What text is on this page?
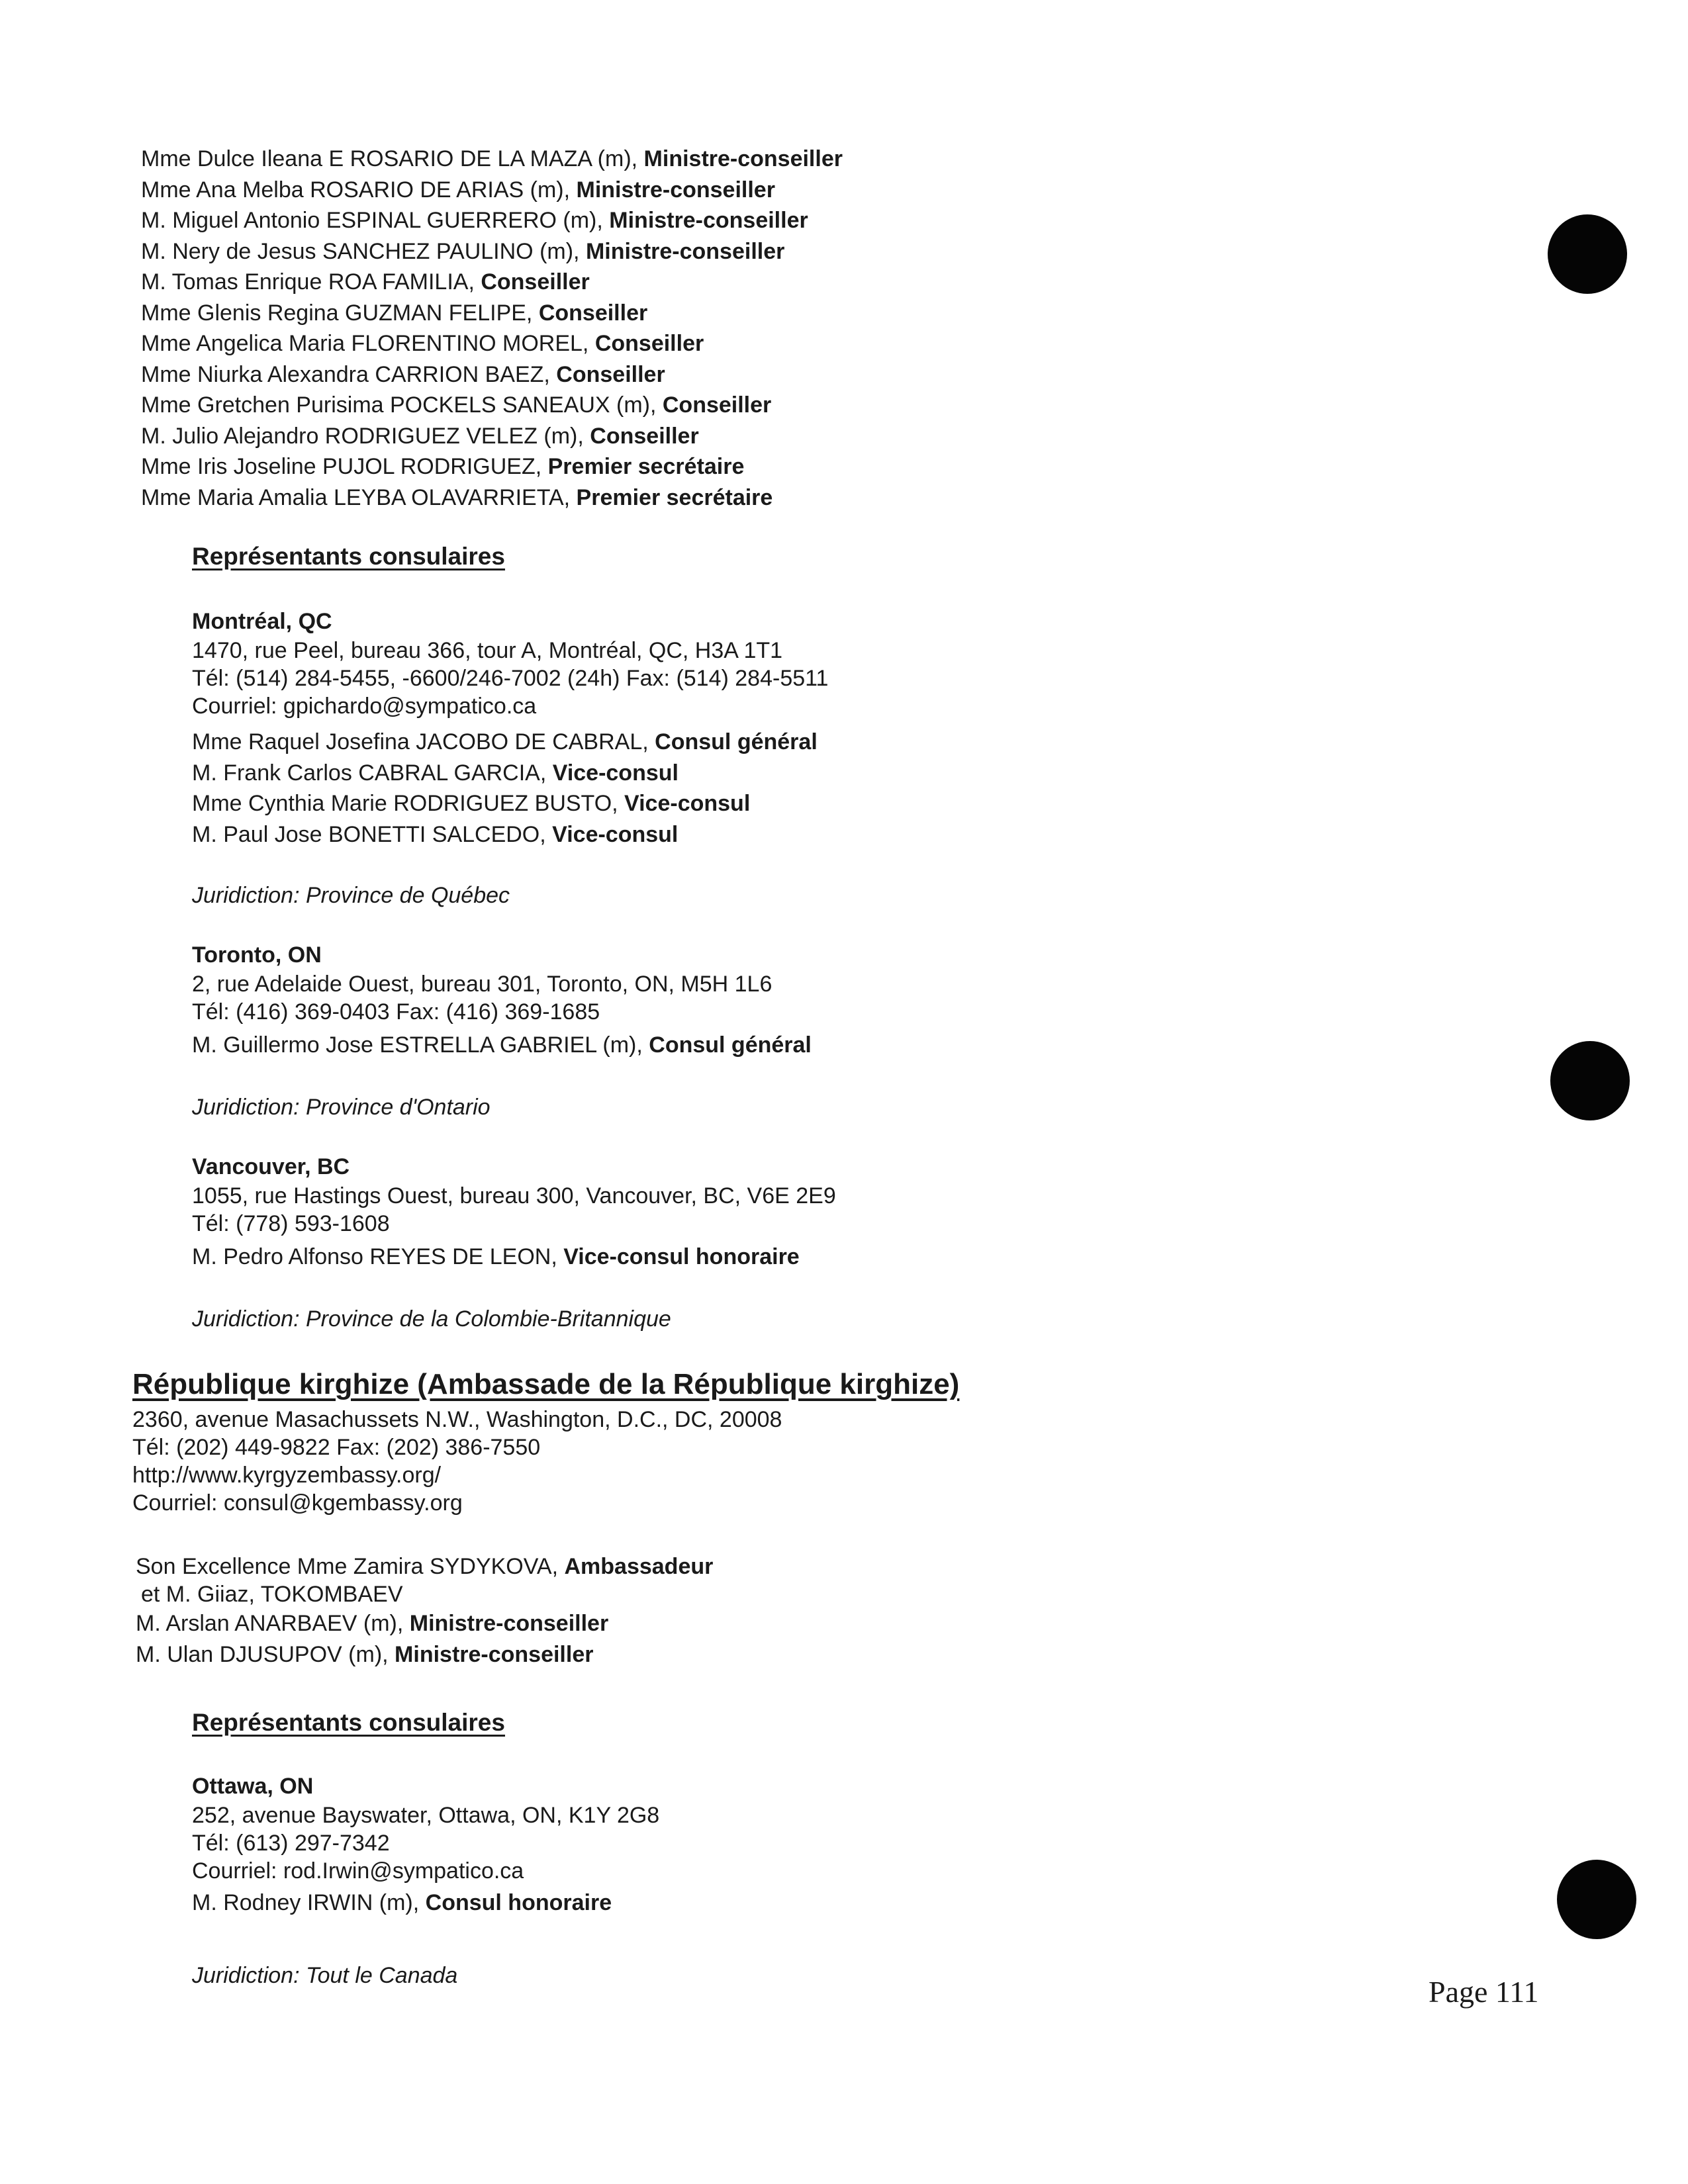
Mme Dulce Ileana E ROSARIO DE LA MAZA (m), Ministre-conseiller
Mme Ana Melba ROSARIO DE ARIAS (m), Ministre-conseiller
M. Miguel Antonio ESPINAL GUERRERO (m), Ministre-conseiller
M. Nery de Jesus SANCHEZ PAULINO (m), Ministre-conseiller
M. Tomas Enrique ROA FAMILIA, Conseiller
Mme Glenis Regina GUZMAN FELIPE, Conseiller
Mme Angelica Maria FLORENTINO MOREL, Conseiller
Mme Niurka Alexandra CARRION BAEZ, Conseiller
Mme Gretchen Purisima POCKELS SANEAUX (m), Conseiller
M. Julio Alejandro RODRIGUEZ VELEZ (m), Conseiller
Mme Iris Joseline PUJOL RODRIGUEZ, Premier secrétaire
Mme Maria Amalia LEYBA OLAVARRIETA, Premier secrétaire
Représentants consulaires
Montréal, QC
1470, rue Peel, bureau 366, tour A, Montréal, QC, H3A 1T1
Tél: (514) 284-5455, -6600/246-7002 (24h) Fax: (514) 284-5511
Courriel: gpichardo@sympatico.ca
Mme Raquel Josefina JACOBO DE CABRAL, Consul général
M. Frank Carlos CABRAL GARCIA, Vice-consul
Mme Cynthia Marie RODRIGUEZ BUSTO, Vice-consul
M. Paul Jose BONETTI SALCEDO, Vice-consul
Juridiction: Province de Québec
Toronto, ON
2, rue Adelaide Ouest, bureau 301, Toronto, ON, M5H 1L6
Tél: (416) 369-0403 Fax: (416) 369-1685
M. Guillermo Jose ESTRELLA GABRIEL (m), Consul général
Juridiction: Province d'Ontario
Vancouver, BC
1055, rue Hastings Ouest, bureau 300, Vancouver, BC, V6E 2E9
Tél: (778) 593-1608
M. Pedro Alfonso REYES DE LEON, Vice-consul honoraire
Juridiction: Province de la Colombie-Britannique
République kirghize (Ambassade de la République kirghize)
2360, avenue Masachussets N.W., Washington, D.C., DC, 20008
Tél: (202) 449-9822 Fax: (202) 386-7550
http://www.kyrgyzembassy.org/
Courriel: consul@kgembassy.org
Son Excellence Mme Zamira SYDYKOVA, Ambassadeur
et M. Giiaz, TOKOMBAEV
M. Arslan ANARBAEV (m), Ministre-conseiller
M. Ulan DJUSUPOV (m), Ministre-conseiller
Représentants consulaires
Ottawa, ON
252, avenue Bayswater, Ottawa, ON, K1Y 2G8
Tél: (613) 297-7342
Courriel: rod.Irwin@sympatico.ca
M. Rodney IRWIN (m), Consul honoraire
Juridiction: Tout le Canada	Page 111
